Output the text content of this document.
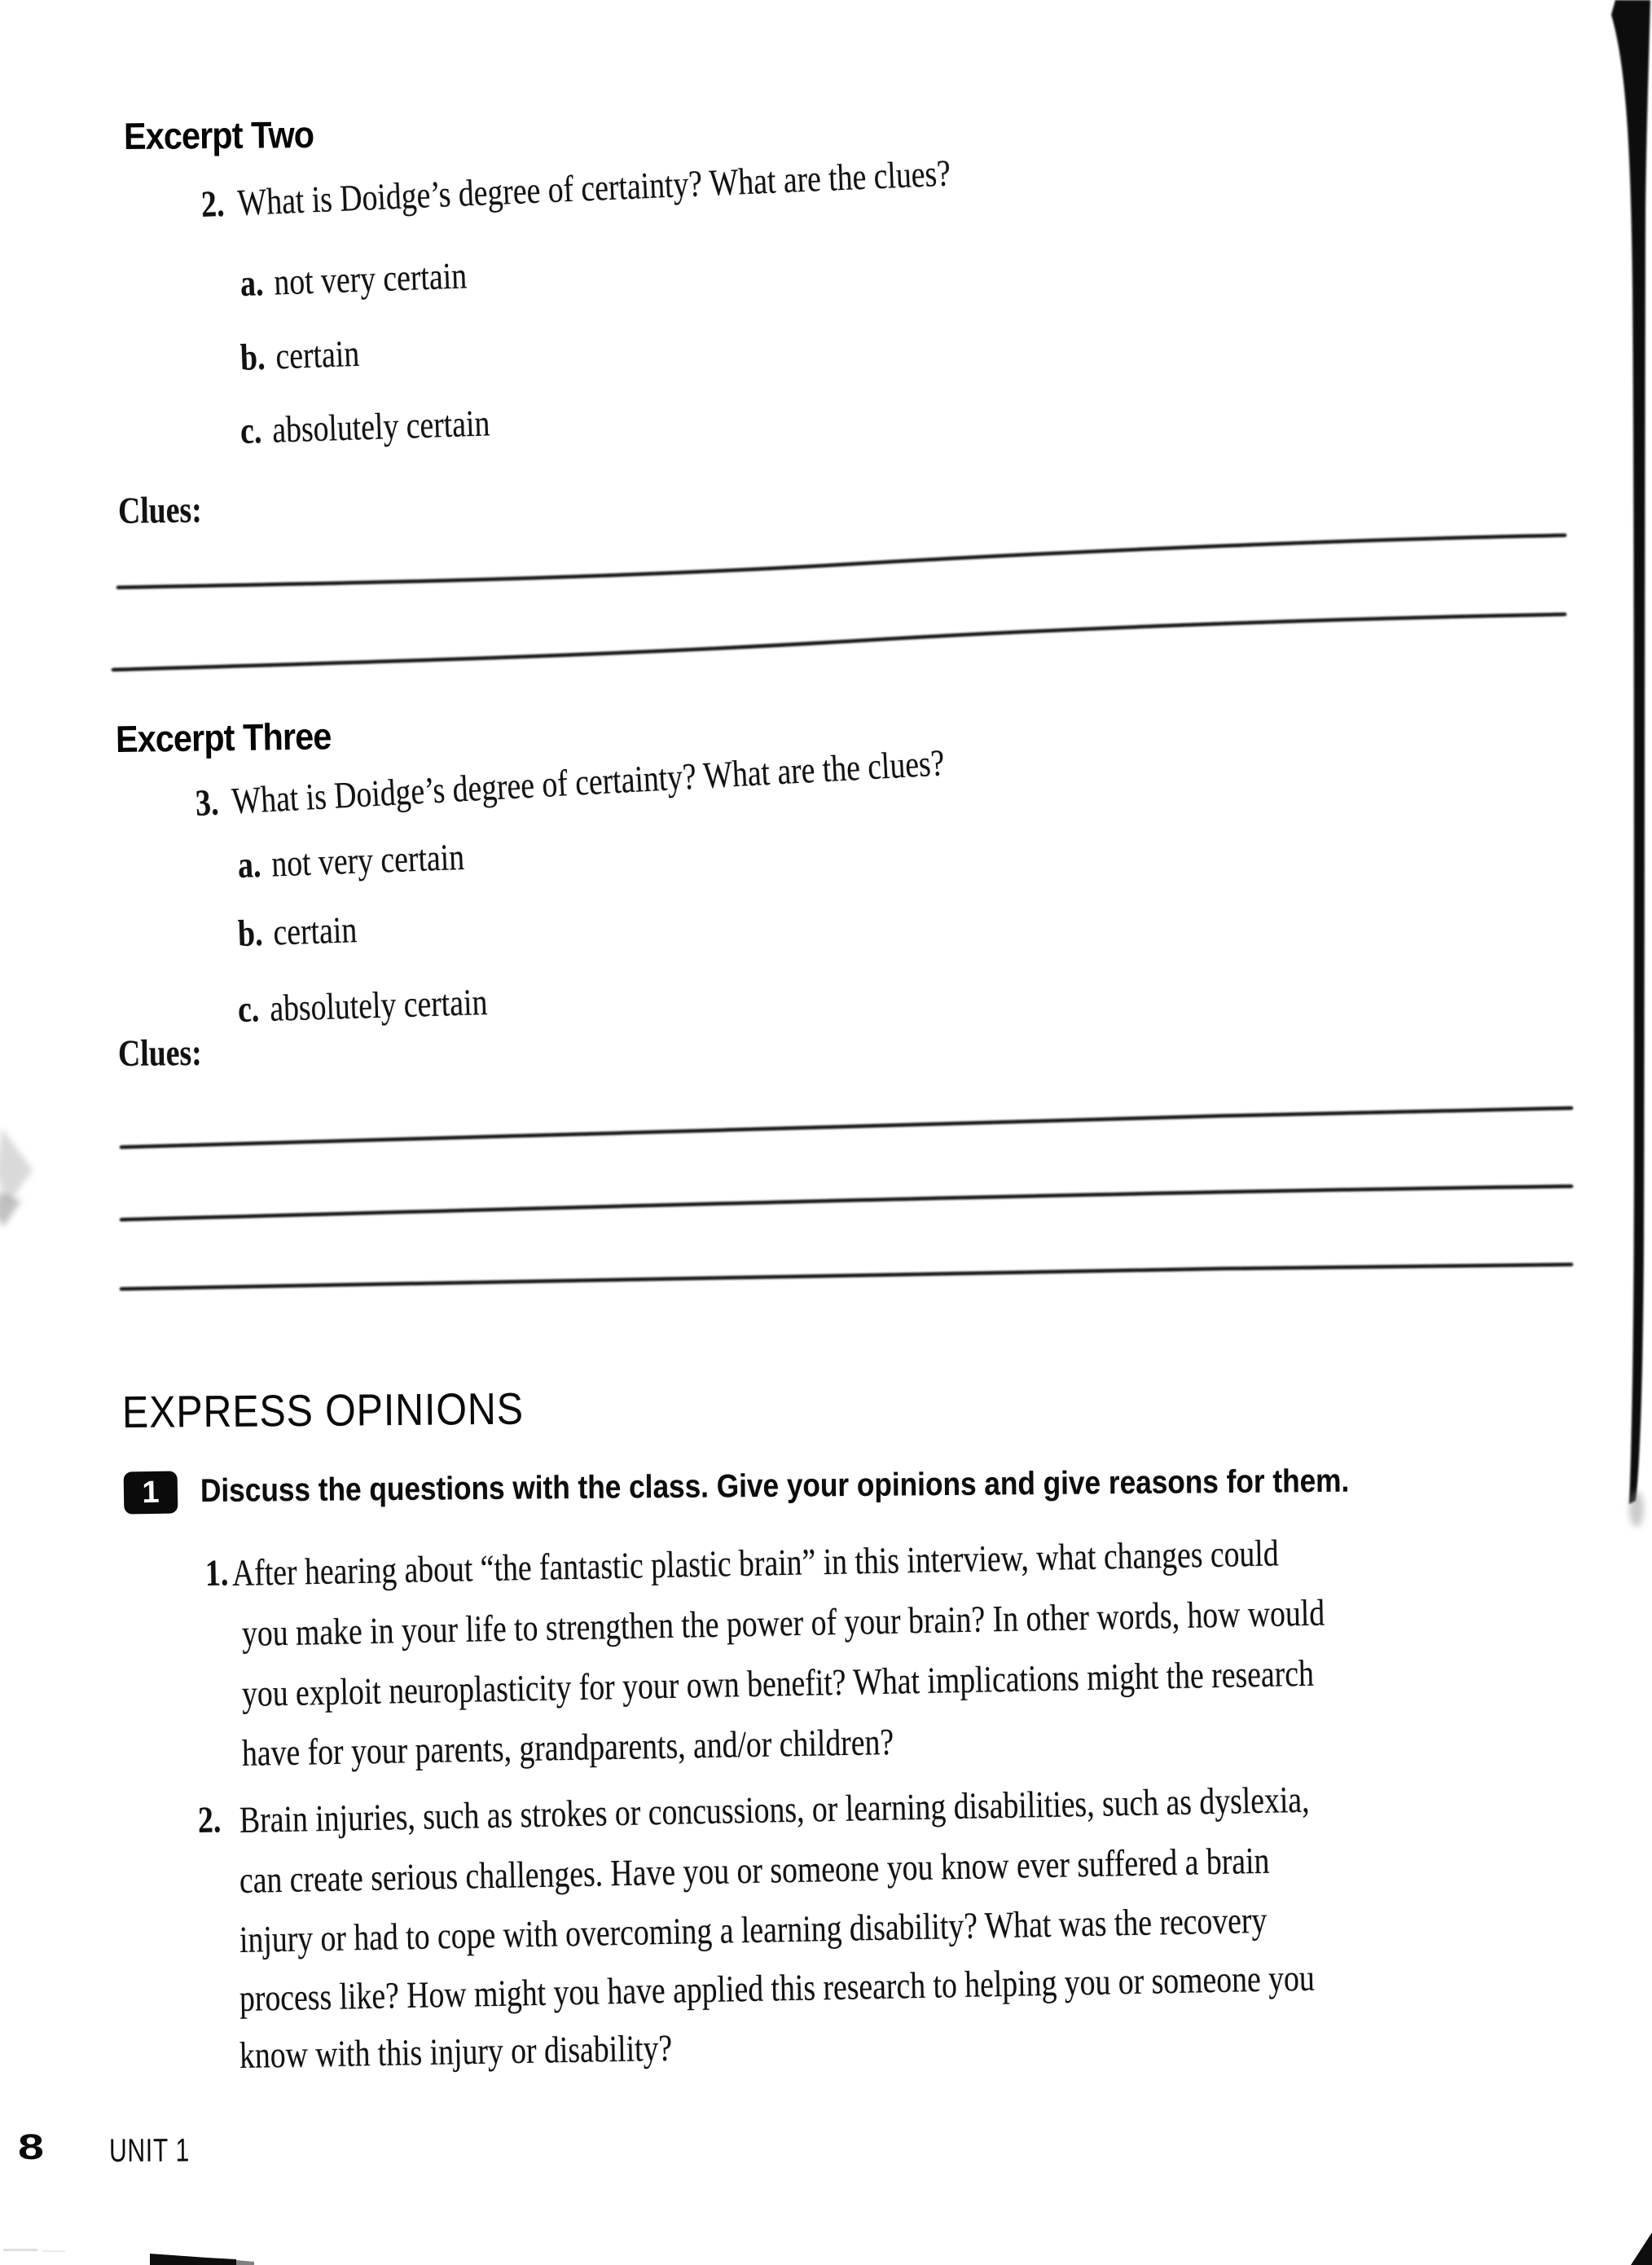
Excerpt Two
2. What is Doidge’s degree of certainty? What are the clues?
a. not very certain
b. certain
c. absolutely certain
Clues:
Excerpt Three
3. What is Doidge’s degree of certainty? What are the clues?
a. not very certain
b. certain
c. absolutely certain
Clues:
EXPRESS OPINIONS
1 Discuss the questions with the class. Give your opinions and give reasons for them.
1. After hearing about “the fantastic plastic brain” in this interview, what changes could
you make in your life to strengthen the power of your brain? In other words, how would
you exploit neuroplasticity for your own benefit? What implications might the research
have for your parents, grandparents, and/or children?
2. Brain injuries, such as strokes or concussions, or learning disabilities, such as dyslexia,
can create serious challenges. Have you or someone you know ever suffered a brain
injury or had to cope with overcoming a learning disability? What was the recovery
process like? How might you have applied this research to helping you or someone you
know with this injury or disability?
8 UNIT 1
